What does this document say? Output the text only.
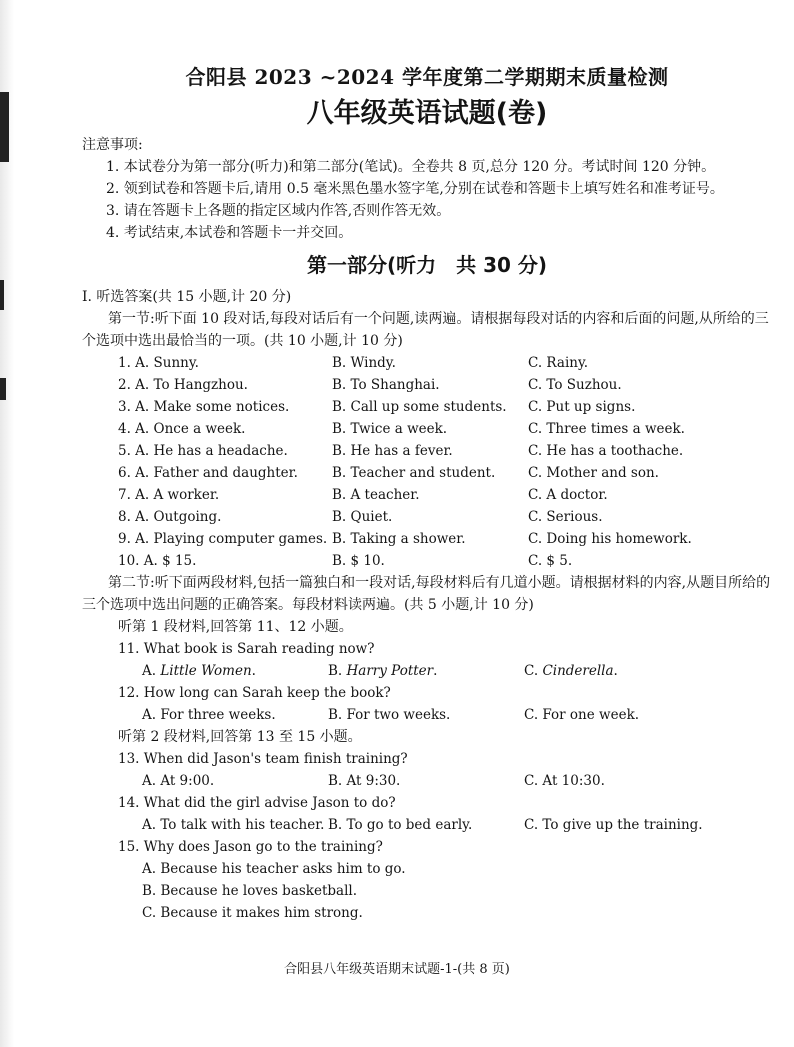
合阳县 2023 ~2024 学年度第二学期期末质量检测
八年级英语试题(卷)
注意事项:
1. 本试卷分为第一部分(听力)和第二部分(笔试)。全卷共 8 页,总分 120 分。考试时间 120 分钟。
2. 领到试卷和答题卡后,请用 0.5 毫米黑色墨水签字笔,分别在试卷和答题卡上填写姓名和准考证号。
3. 请在答题卡上各题的指定区域内作答,否则作答无效。
4. 考试结束,本试卷和答题卡一并交回。
第一部分(听力　共 30 分)
Ⅰ. 听选答案(共 15 小题,计 20 分)
第一节:听下面 10 段对话,每段对话后有一个问题,读两遍。请根据每段对话的内容和后面的问题,从所给的三个选项中选出最恰当的一项。(共 10 小题,计 10 分)
1. A. Sunny.	B. Windy.	C. Rainy.
2. A. To Hangzhou.	B. To Shanghai.	C. To Suzhou.
3. A. Make some notices.	B. Call up some students.	C. Put up signs.
4. A. Once a week.	B. Twice a week.	C. Three times a week.
5. A. He has a headache.	B. He has a fever.	C. He has a toothache.
6. A. Father and daughter.	B. Teacher and student.	C. Mother and son.
7. A. A worker.	B. A teacher.	C. A doctor.
8. A. Outgoing.	B. Quiet.	C. Serious.
9. A. Playing computer games. B. Taking a shower.	C. Doing his homework.
10. A. $ 15.	B. $ 10.	C. $ 5.
第二节:听下面两段材料,包括一篇独白和一段对话,每段材料后有几道小题。请根据材料的内容,从题目所给的三个选项中选出问题的正确答案。每段材料读两遍。(共 5 小题,计 10 分)
听第 1 段材料,回答第 11、12 小题。
11. What book is Sarah reading now?
A. Little Women.	B. Harry Potter.	C. Cinderella.
12. How long can Sarah keep the book?
A. For three weeks.	B. For two weeks.	C. For one week.
听第 2 段材料,回答第 13 至 15 小题。
13. When did Jason's team finish training?
A. At 9:00.	B. At 9:30.	C. At 10:30.
14. What did the girl advise Jason to do?
A. To talk with his teacher. B. To go to bed early.	C. To give up the training.
15. Why does Jason go to the training?
A. Because his teacher asks him to go.
B. Because he loves basketball.
C. Because it makes him strong.
合阳县八年级英语期末试题-1-(共 8 页)
